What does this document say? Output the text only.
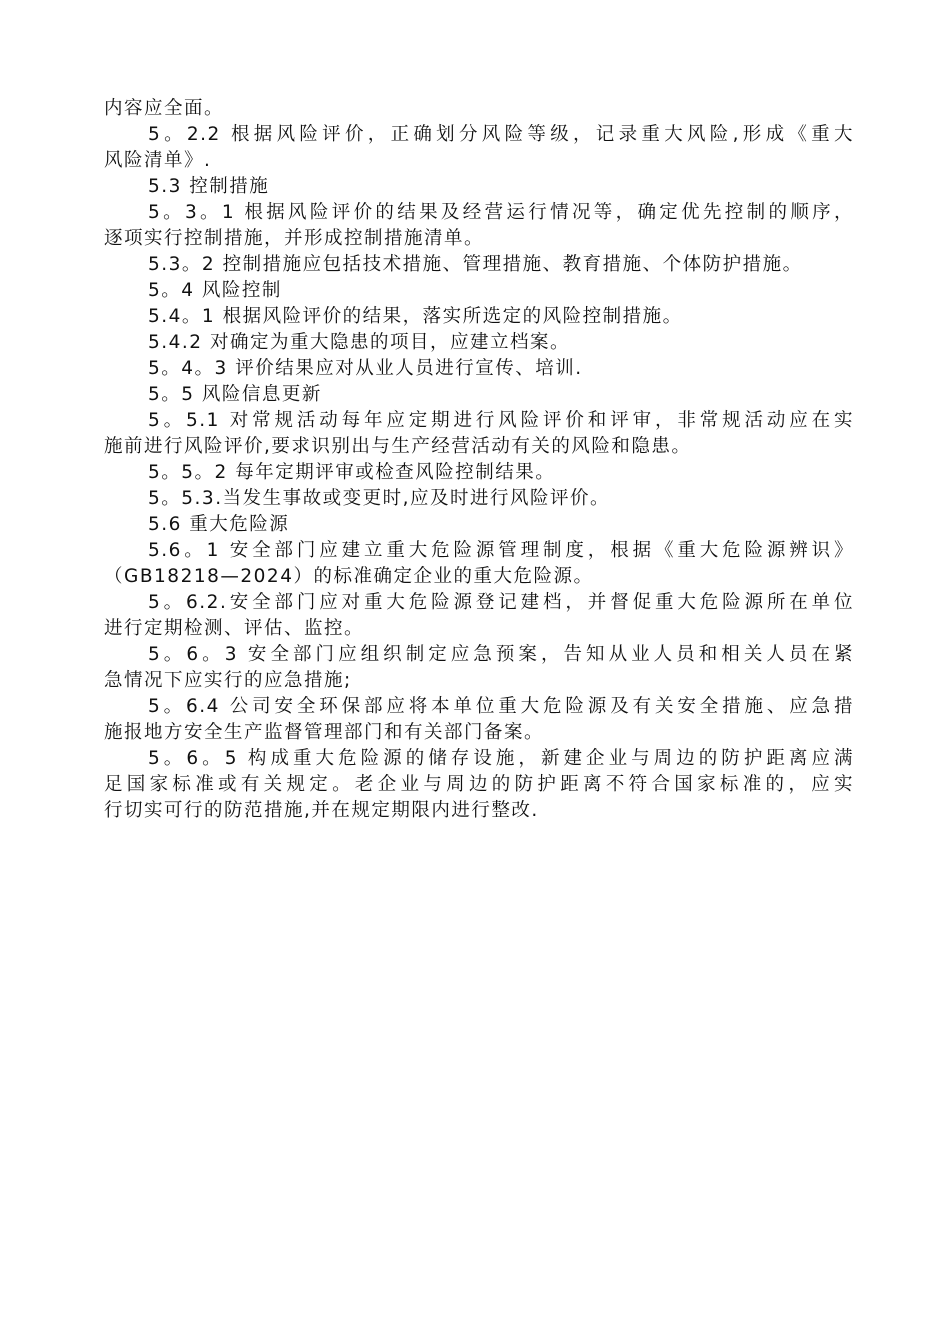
内容应全面。
5。2.2 根据风险评价，正确划分风险等级，记录重大风险,形成《重大
风险清单》.
5.3 控制措施
5。3。1 根据风险评价的结果及经营运行情况等，确定优先控制的顺序，
逐项实行控制措施，并形成控制措施清单。
5.3。2 控制措施应包括技术措施、管理措施、教育措施、个体防护措施。
5。4 风险控制
5.4。1 根据风险评价的结果，落实所选定的风险控制措施。
5.4.2 对确定为重大隐患的项目，应建立档案。
5。4。3 评价结果应对从业人员进行宣传、培训.
5。5 风险信息更新
5。5.1 对常规活动每年应定期进行风险评价和评审，非常规活动应在实
施前进行风险评价,要求识别出与生产经营活动有关的风险和隐患。
5。5。2 每年定期评审或检查风险控制结果。
5。5.3.当发生事故或变更时,应及时进行风险评价。
5.6 重大危险源
5.6。1 安全部门应建立重大危险源管理制度，根据《重大危险源辨识》
（GB18218—2024）的标准确定企业的重大危险源。
5。6.2.安全部门应对重大危险源登记建档，并督促重大危险源所在单位
进行定期检测、评估、监控。
5。6。3 安全部门应组织制定应急预案，告知从业人员和相关人员在紧
急情况下应实行的应急措施;
5。6.4 公司安全环保部应将本单位重大危险源及有关安全措施、应急措
施报地方安全生产监督管理部门和有关部门备案。
5。6。5 构成重大危险源的储存设施，新建企业与周边的防护距离应满
足国家标准或有关规定。老企业与周边的防护距离不符合国家标准的，应实
行切实可行的防范措施,并在规定期限内进行整改.
